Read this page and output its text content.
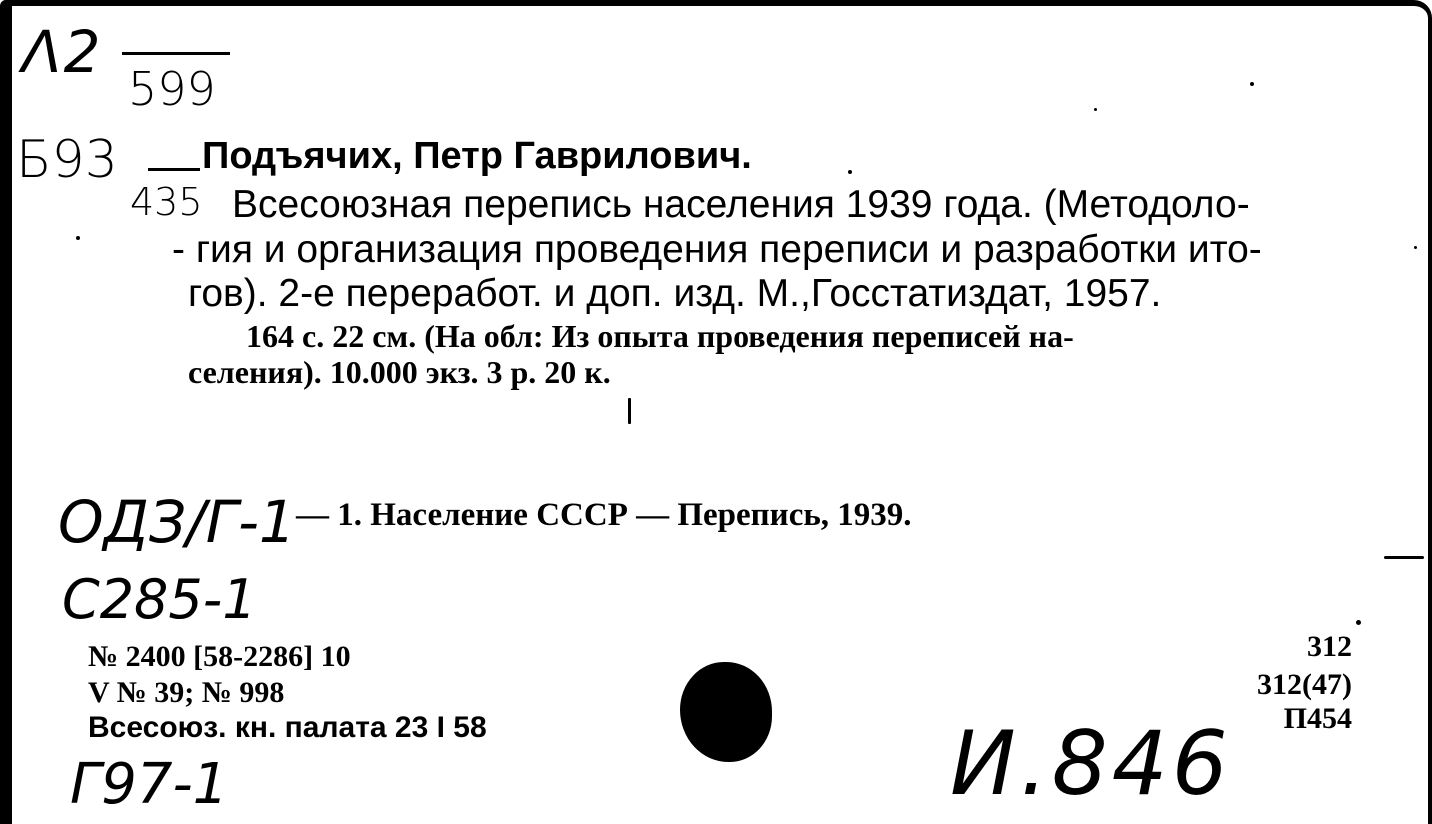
Λ2
599
Б93
435
Подъячих, Петр Гаврилович.
Всесоюзная перепись населения 1939 года. (Методоло-
- гия и организация проведения переписи и разработки ито-
гов). 2-е переработ. и доп. изд. М.,Госстатиздат, 1957.
164 с. 22 см. (На обл: Из опыта проведения переписей на-
селения). 10.000 экз. 3 р. 20 к.
ОДЗ/Г-1 — 1. Население СССР — Перепись, 1939.
С285-1
№ 2400 [58-2286] 10
V № 39; № 998
Всесоюз. кн. палата 23 I 58
Г97-1	И.846
312
312(47)
П454
